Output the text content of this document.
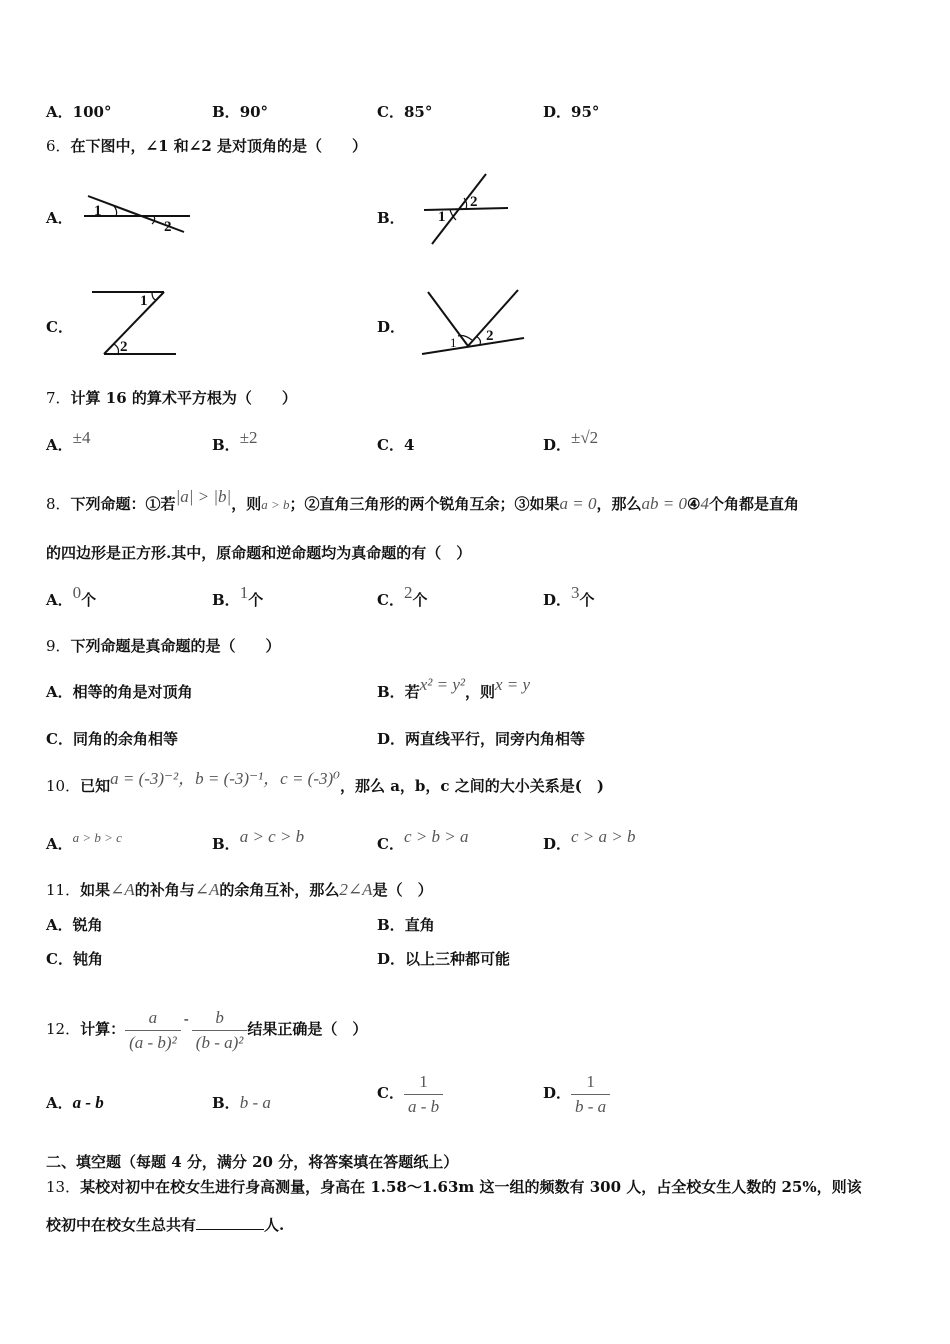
A．100°	B．90°	C．85°	D．95°
6．在下图中，∠1 和∠2 是对顶角的是（　　）
A． 1
2	B． 1
2
C．
1
2
D．
1 2
7．计算 16 的算术平方根为（　　）
A．±4	B．±2	C．4	D．±√2
8．下列命题：①若|a| > |b|，则a > b；②直角三角形的两个锐角互余；③如果a = 0，那么ab = 0④4个角都是直角
的四边形是正方形.其中，原命题和逆命题均为真命题的有（　）
A．0个	B．1个	C．2个	D．3个
9．下列命题是真命题的是（　　）
A．相等的角是对顶角	B．若x² = y²，则x = y
C．同角的余角相等	D．两直线平行，同旁内角相等
10．已知a = (-3)⁻²，b = (-3)⁻¹，c = (-3)⁰，那么 a，b，c 之间的大小关系是(　)
A．a > b > c	B．a > c > b	C．c > b > a	D．c > a > b
11．如果∠A的补角与∠A的余角互补，那么2∠A是（　）
A．锐角	B．直角
C．钝角	D．以上三种都可能
12．计算： $\frac{a}{\text{(a - b)²}} - \frac{b}{\text{(b - a)²}}$ 结果正确是（　）
A．a - b	B．b - a	C． $\frac{1}{a - b}$	D． $\frac{1}{b - a}$
二、填空题（每题 4 分，满分 20 分，将答案填在答题纸上）
13．某校对初中在校女生进行身高测量，身高在 1.58～1.63m 这一组的频数有 300 人，占全校女生人数的 25%，则该
校初中在校女生总共有	人.
